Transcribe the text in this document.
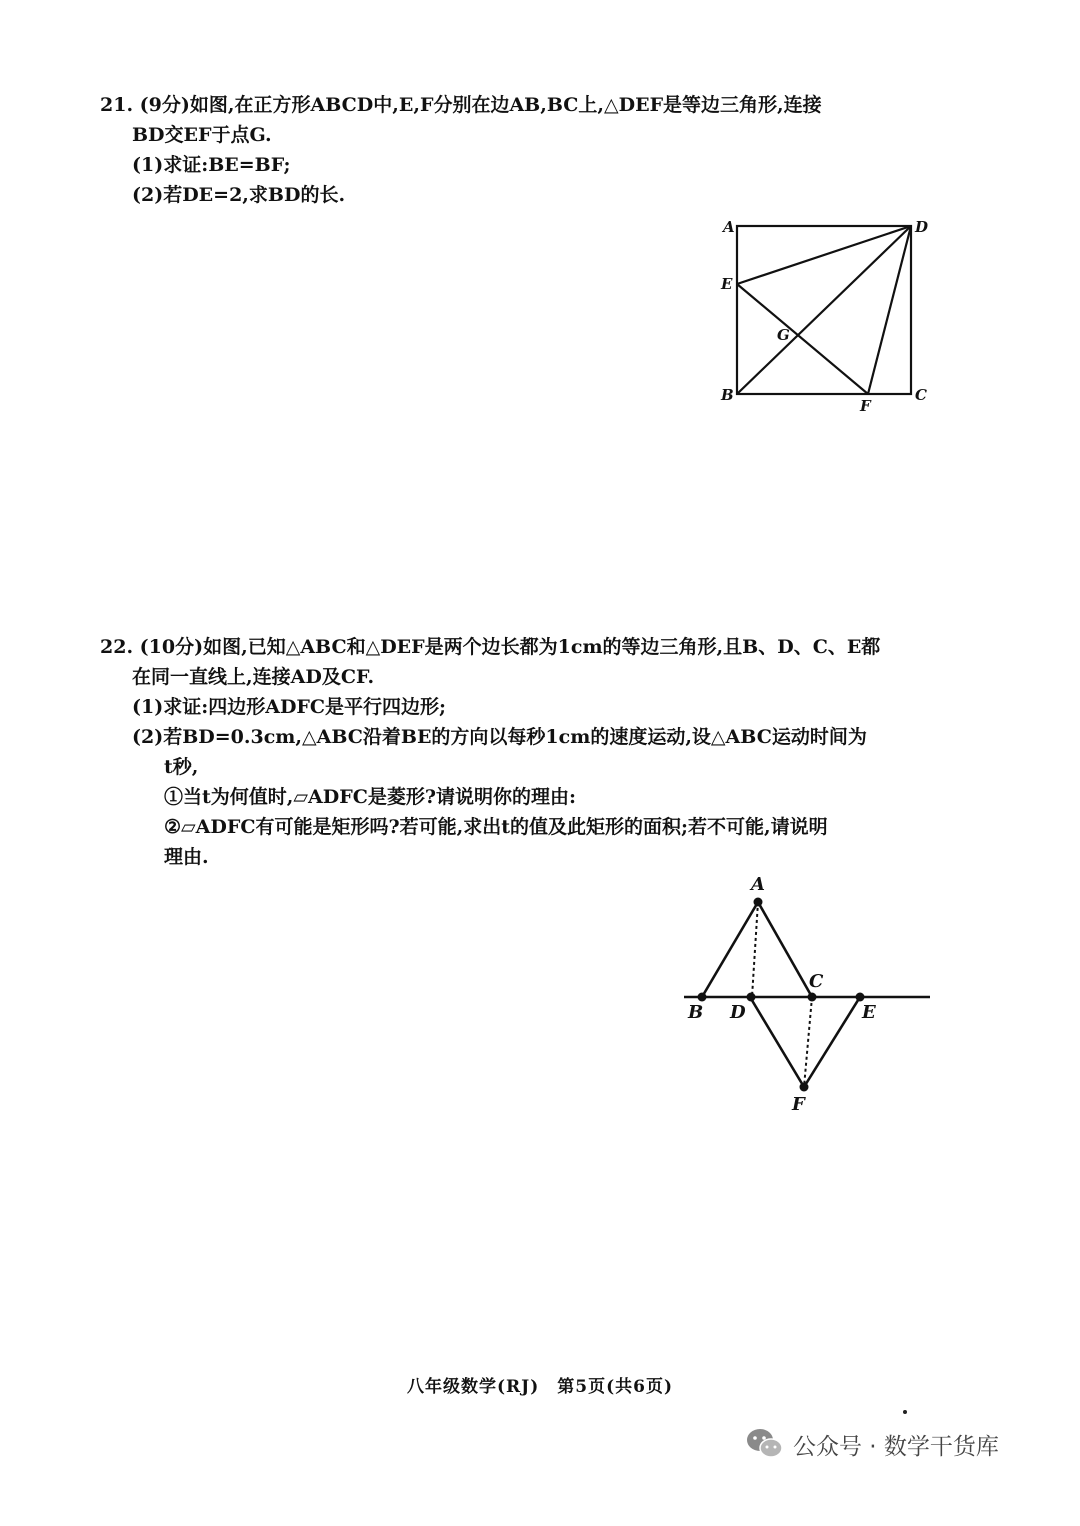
21. (9分)如图,在正方形ABCD中,E,F分别在边AB,BC上,△DEF是等边三角形,连接
BD交EF于点G.
(1)求证:BE=BF;
(2)若DE=2,求BD的长.
A	D
E
G
B	C
F
22. (10分)如图,已知△ABC和△DEF是两个边长都为1cm的等边三角形,且B、D、C、E都
在同一直线上,连接AD及CF.
(1)求证:四边形ADFC是平行四边形;
(2)若BD=0.3cm,△ABC沿着BE的方向以每秒1cm的速度运动,设△ABC运动时间为
t秒,
①当t为何值时,▱ADFC是菱形?请说明你的理由:
②▱ADFC有可能是矩形吗?若可能,求出t的值及此矩形的面积;若不可能,请说明
理由.
A
B D
C
E
F
八年级数学(RJ)　第5页(共6页)
公众号 · 数学干货库
